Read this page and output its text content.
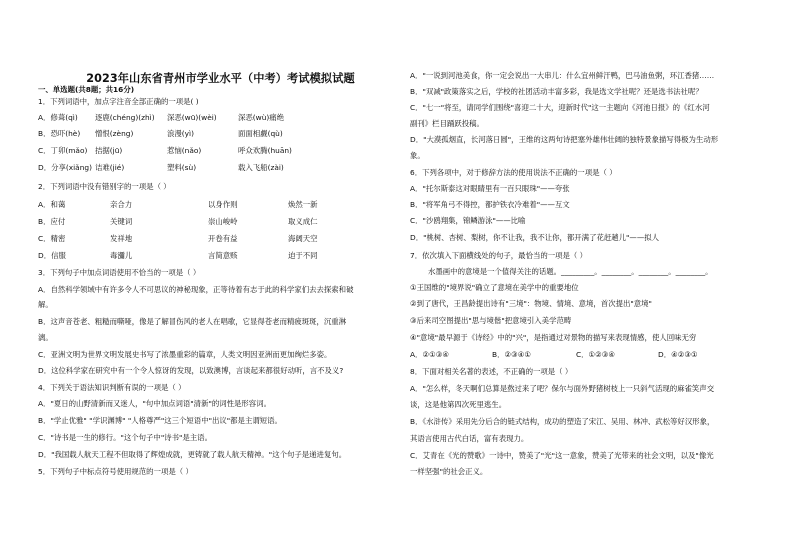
2023年山东省青州市学业水平（中考）考试模拟试题
一、单选题(共8题；共16分)
1．下列词语中，加点字注音全部正确的一项是( )
A．修葺(qì) 逐鹿(chéng)(zhì) 深恶(wū)(wèi)	深恶(wù)痛绝
B．恐吓(hè) 憎恨(zèng)	浪漫(yì)	面面相觑(qù)
C．丁卯(mǎo) 拮据(jū)	惹恼(nǎo)	呼众欢腾(huān)
D．分享(xiǎng) 诘难(jié)	塑料(sù)	载入飞船(zài)
2．下列词语中没有错别字的一项是（ ）
A．和蔼	亲合力	以身作则	焕然一新
B．应付	关键词	崇山峻岭	取义成仁
C．精密	发祥地	开卷有益	海阔天空
D．信服	毒瀰儿	言简意赅	迫于不同
3．下列句子中加点词语使用不恰当的一项是（ ）
A．自然科学领域中有许多令人不可思议的神秘现象，正等待着有志于此的科学家们去去探索和破
解。
B．这声音苍老、粗糙而嘶哑，像是了解冒伤风的老人在唱歌，它显得苍老而精疲斑斑，沉重淋
漓。
C．亚洲文明为世界文明发展史书写了浓墨重彩的篇章，人类文明因亚洲而更加绚烂多姿。
D．这位科学家在研究中有一个令人惊讶的发现，以致澳博，言谈起来都很好动听，言不及义?
4．下列关于语法知识判断有误的一项是（ ）
A．"夏日的山野清新而又迷人，"句中加点词语"清新"的词性是形容词。
B．"学止优雅" "学识渊博" "人格尊严"这三个短语中"出议"都是主谓短语。
C．"诗书是一生的修行。"这个句子中"诗书"是主语。
D．"我国载人航天工程不但取得了辉煌成就，更铸就了载人航天精神。"这个句子是递进复句。
5．下列句子中标点符号使用规范的一项是（ ）
A．"一说到河池美食，你一定会说出一大串儿：什么宜州鲜汗鸭，巴马油鱼粥，环江香猪……
B．"双减"政策落实之后，学校的社团活动丰富多彩，我是选文学社呢？还是选书法社呢？
C．"七一"将至，请同学们围绕"喜迎二十大，迎新时代"这一主题向《河池日报》的《红水河
副刊》栏目踊跃投稿。
D．"大漠孤烟直，长河落日圆"，王维的这两句诗把塞外雄伟壮阔的独特景象描写得极为生动形
象。
6．下列各项中，对于修辞方法的使用说法不正确的一项是（ ）
A．"托尔斯泰这对眼睛里有一百只眼珠"——夸张
B．"将军角弓不得控，都护铁衣冷难着"——互文
C．"沙鸥翔集，锦鳞游泳"——比喻
D．"桃树、杏树、梨树，你不让我，我不让你，都开满了花赶趟儿"——拟人
7．依次填入下面横线处的句子，最恰当的一项是（ ）
水墨画中的意境是一个值得关注的话题。_________。________。________。________。
①王国维的"境界说"确立了意境在美学中的重要地位
②到了唐代，王昌龄提出诗有"三境"：物境、情境、意境，首次提出"意境"
③后来司空图提出"思与境偕"把意境引入美学范畴
④"意境"最早源于《诗经》中的"兴"，是指通过对景物的描写来表现情感，使人回味无穷
A．②①③④	B．②③④①	C．①②③④	D．④②③①
8．下面对相关名著的表述，不正确的一项是（ ）
A．"怎么样，冬天啊们总算是熬过来了吧？保尔与面外野猪树枝上一只斜气活现的麻雀笑声交
谈，这是他第四次死里逃生。
B．《水浒传》采用先分后合的链式结构，成功的塑造了宋江、吴用、林冲、武松等好汉形象，
其语言使用古代白话，富有表现力。
C．艾青在《光的赞歌》一诗中，赞美了"光"这一意象，赞美了光带来的社会文明，以及"像光
一样坚强"的社会正义。
